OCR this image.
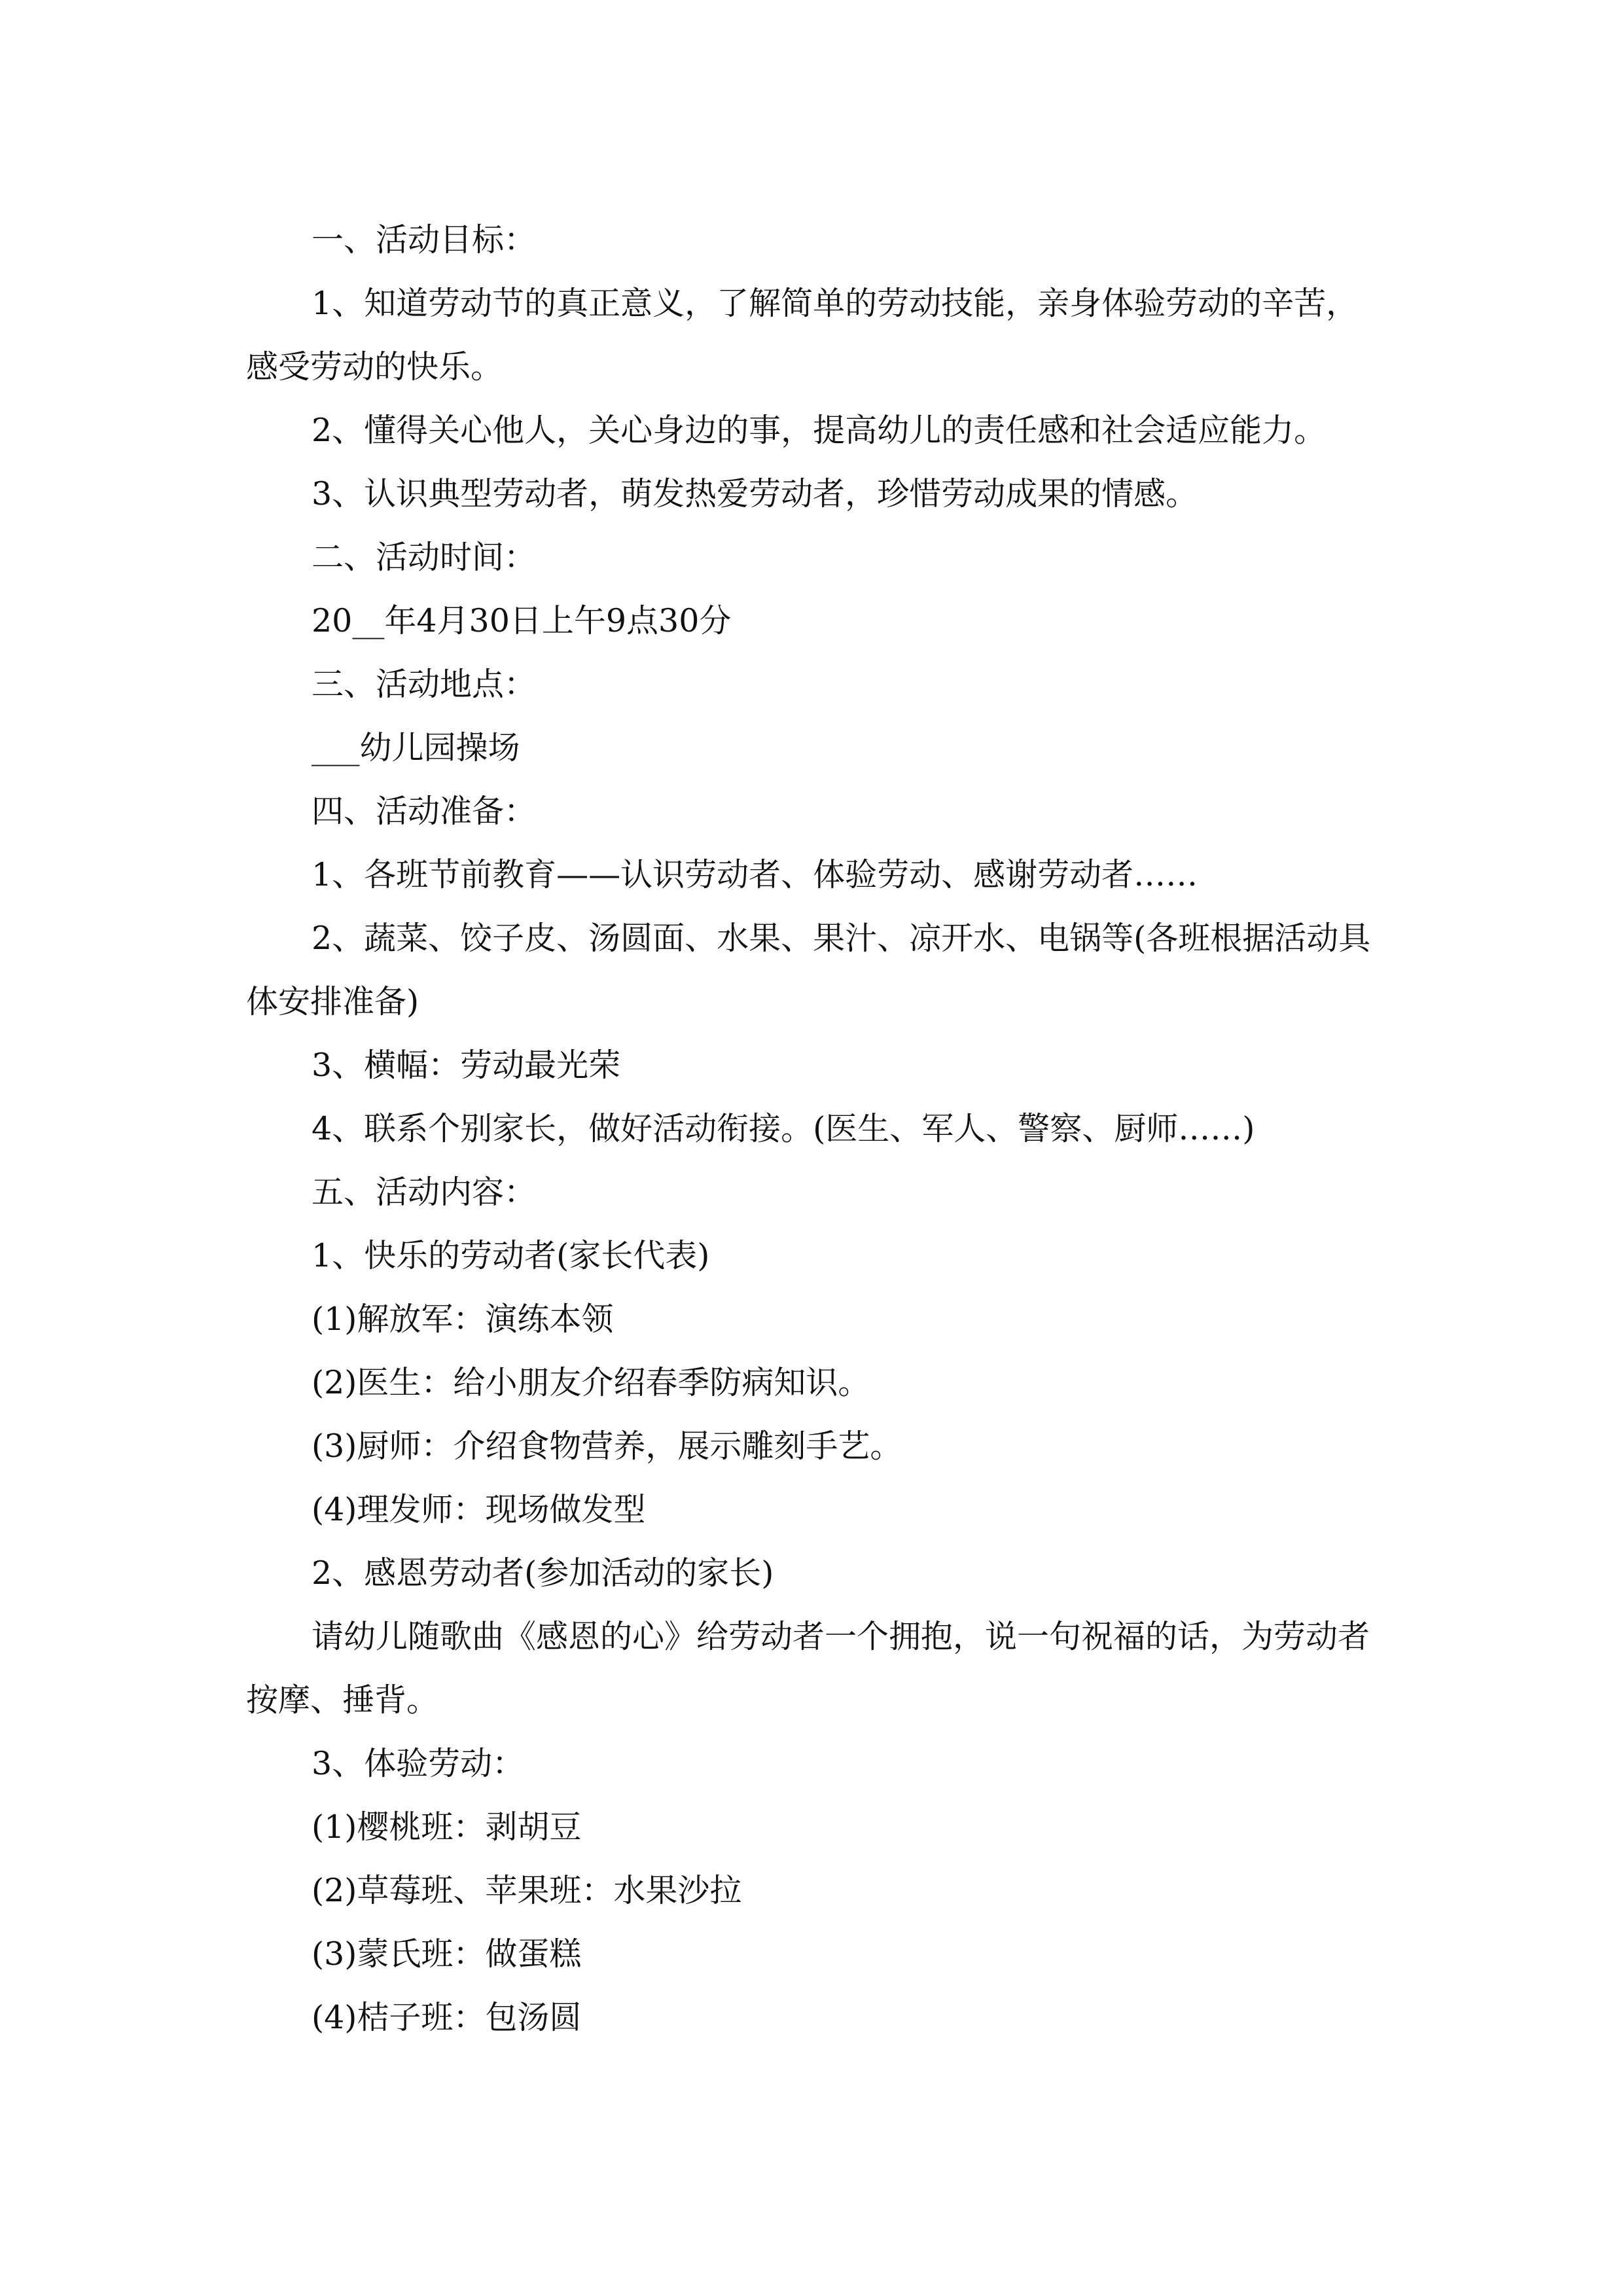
一、活动目标：

1、知道劳动节的真正意义，了解简单的劳动技能，亲身体验劳动的辛苦，感受劳动的快乐。

2、懂得关心他人，关心身边的事，提高幼儿的责任感和社会适应能力。

3、认识典型劳动者，萌发热爱劳动者，珍惜劳动成果的情感。

二、活动时间：

20__年4月30日上午9点30分

三、活动地点：

___幼儿园操场

四、活动准备：

1、各班节前教育——认识劳动者、体验劳动、感谢劳动者……

2、蔬菜、饺子皮、汤圆面、水果、果汁、凉开水、电锅等(各班根据活动具体安排准备)

3、横幅：劳动最光荣

4、联系个别家长，做好活动衔接。(医生、军人、警察、厨师……)

五、活动内容：

1、快乐的劳动者(家长代表)

(1)解放军：演练本领

(2)医生：给小朋友介绍春季防病知识。

(3)厨师：介绍食物营养，展示雕刻手艺。

(4)理发师：现场做发型

2、感恩劳动者(参加活动的家长)

请幼儿随歌曲《感恩的心》给劳动者一个拥抱，说一句祝福的话，为劳动者按摩、捶背。

3、体验劳动：

(1)樱桃班：剥胡豆

(2)草莓班、苹果班：水果沙拉

(3)蒙氏班：做蛋糕

(4)桔子班：包汤圆
